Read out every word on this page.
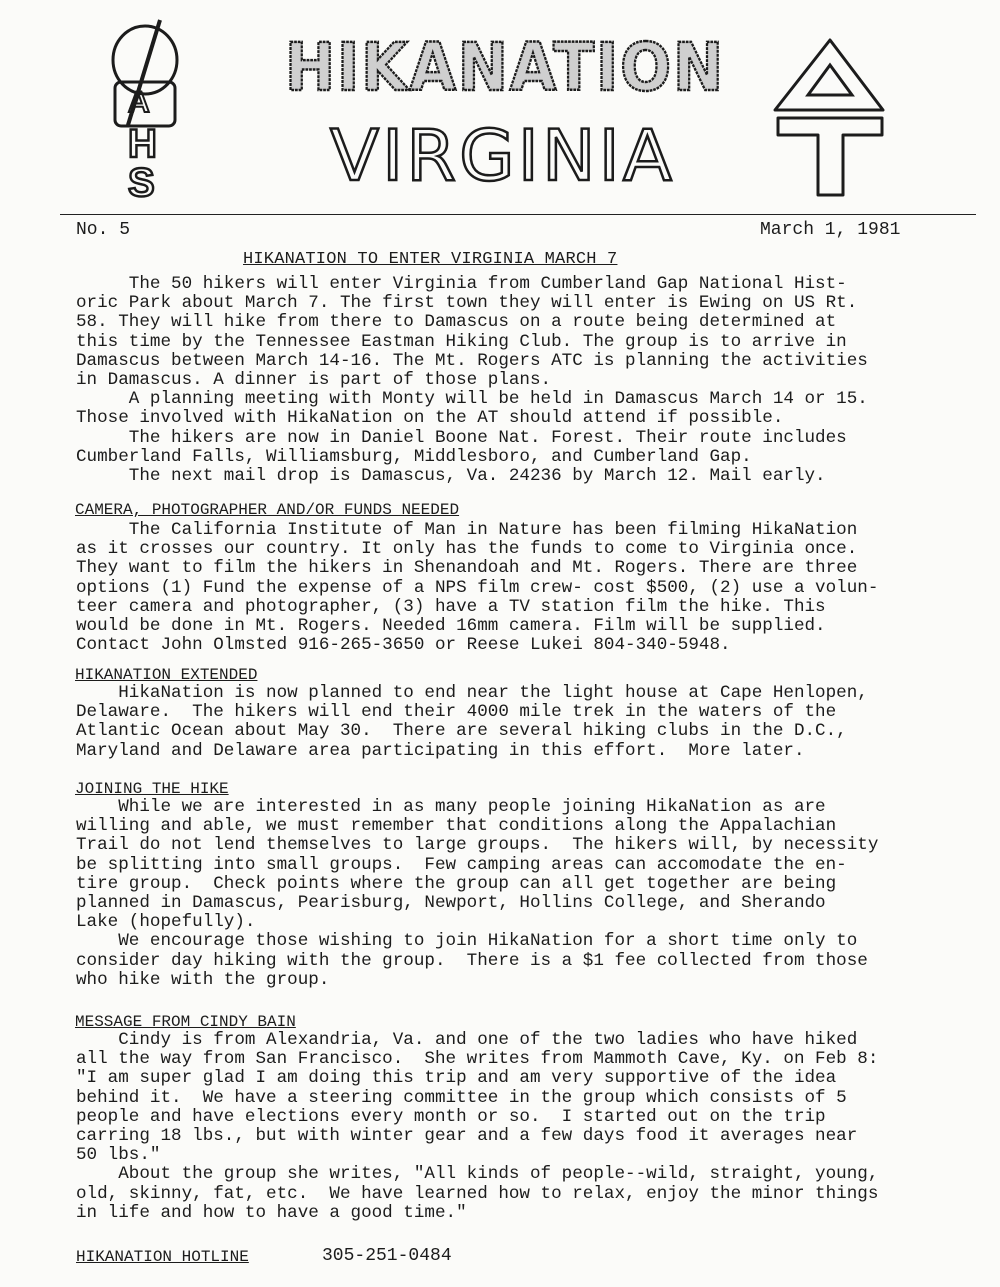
A
H
S
HIKANATION
VIRGINIA
No. 5	March 1, 1981
HIKANATION TO ENTER VIRGINIA MARCH 7
The 50 hikers will enter Virginia from Cumberland Gap National Hist-
oric Park about March 7. The first town they will enter is Ewing on US Rt.
58. They will hike from there to Damascus on a route being determined at
this time by the Tennessee Eastman Hiking Club. The group is to arrive in
Damascus between March 14-16. The Mt. Rogers ATC is planning the activities
in Damascus. A dinner is part of those plans.
A planning meeting with Monty will be held in Damascus March 14 or 15.
Those involved with HikaNation on the AT should attend if possible.
The hikers are now in Daniel Boone Nat. Forest. Their route includes
Cumberland Falls, Williamsburg, Middlesboro, and Cumberland Gap.
The next mail drop is Damascus, Va. 24236 by March 12. Mail early.
CAMERA, PHOTOGRAPHER AND/OR FUNDS NEEDED
The California Institute of Man in Nature has been filming HikaNation
as it crosses our country. It only has the funds to come to Virginia once.
They want to film the hikers in Shenandoah and Mt. Rogers. There are three
options (1) Fund the expense of a NPS film crew- cost $500, (2) use a volun-
teer camera and photographer, (3) have a TV station film the hike. This
would be done in Mt. Rogers. Needed 16mm camera. Film will be supplied.
Contact John Olmsted 916-265-3650 or Reese Lukei 804-340-5948.
HIKANATION EXTENDED
HikaNation is now planned to end near the light house at Cape Henlopen,
Delaware.  The hikers will end their 4000 mile trek in the waters of the
Atlantic Ocean about May 30.  There are several hiking clubs in the D.C.,
Maryland and Delaware area participating in this effort.  More later.
JOINING THE HIKE
While we are interested in as many people joining HikaNation as are
willing and able, we must remember that conditions along the Appalachian
Trail do not lend themselves to large groups.  The hikers will, by necessity
be splitting into small groups.  Few camping areas can accomodate the en-
tire group.  Check points where the group can all get together are being
planned in Damascus, Pearisburg, Newport, Hollins College, and Sherando
Lake (hopefully).
We encourage those wishing to join HikaNation for a short time only to
consider day hiking with the group.  There is a $1 fee collected from those
who hike with the group.
MESSAGE FROM CINDY BAIN
Cindy is from Alexandria, Va. and one of the two ladies who have hiked
all the way from San Francisco.  She writes from Mammoth Cave, Ky. on Feb 8:
"I am super glad I am doing this trip and am very supportive of the idea
behind it.  We have a steering committee in the group which consists of 5
people and have elections every month or so.  I started out on the trip
carring 18 lbs., but with winter gear and a few days food it averages near
50 lbs."
About the group she writes, "All kinds of people--wild, straight, young,
old, skinny, fat, etc.  We have learned how to relax, enjoy the minor things
in life and how to have a good time."
HIKANATION HOTLINE	305-251-0484
